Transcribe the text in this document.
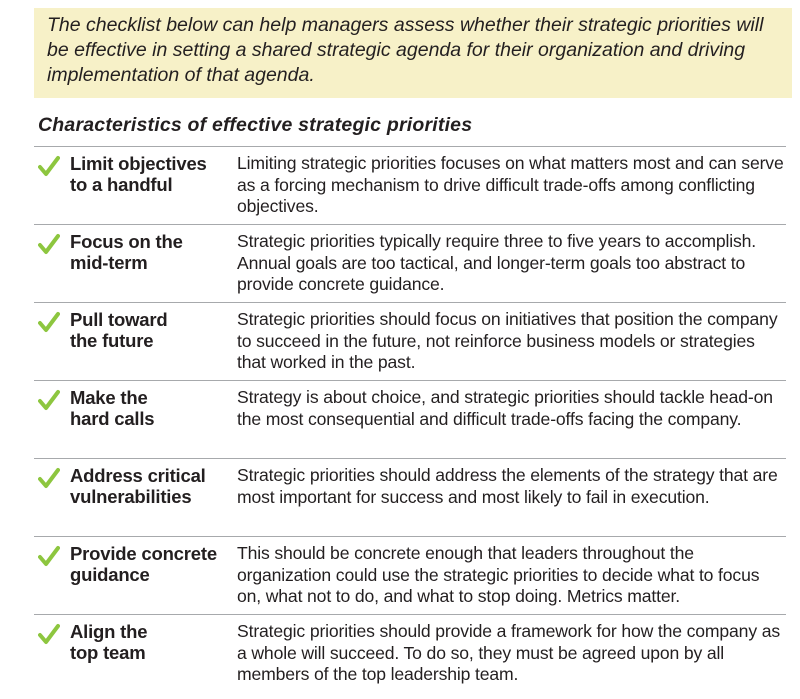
The checklist below can help managers assess whether their strategic priorities will be effective in setting a shared strategic agenda for their organization and driving implementation of that agenda.
Characteristics of effective strategic priorities
Limit objectives
to a handful
Limiting strategic priorities focuses on what matters most and can serve as a forcing mechanism to drive difficult trade-offs among conflicting objectives.
Focus on the
mid-term
Strategic priorities typically require three to five years to accomplish. Annual goals are too tactical, and longer-term goals too abstract to provide concrete guidance.
Pull toward
the future
Strategic priorities should focus on initiatives that position the company to succeed in the future, not reinforce business models or strategies that worked in the past.
Make the
hard calls
Strategy is about choice, and strategic priorities should tackle head-on the most consequential and difficult trade-offs facing the company.
Address critical
vulnerabilities
Strategic priorities should address the elements of the strategy that are most important for success and most likely to fail in execution.
Provide concrete
guidance
This should be concrete enough that leaders throughout the organization could use the strategic priorities to decide what to focus on, what not to do, and what to stop doing. Metrics matter.
Align the
top team
Strategic priorities should provide a framework for how the company as a whole will succeed. To do so, they must be agreed upon by all members of the top leadership team.
